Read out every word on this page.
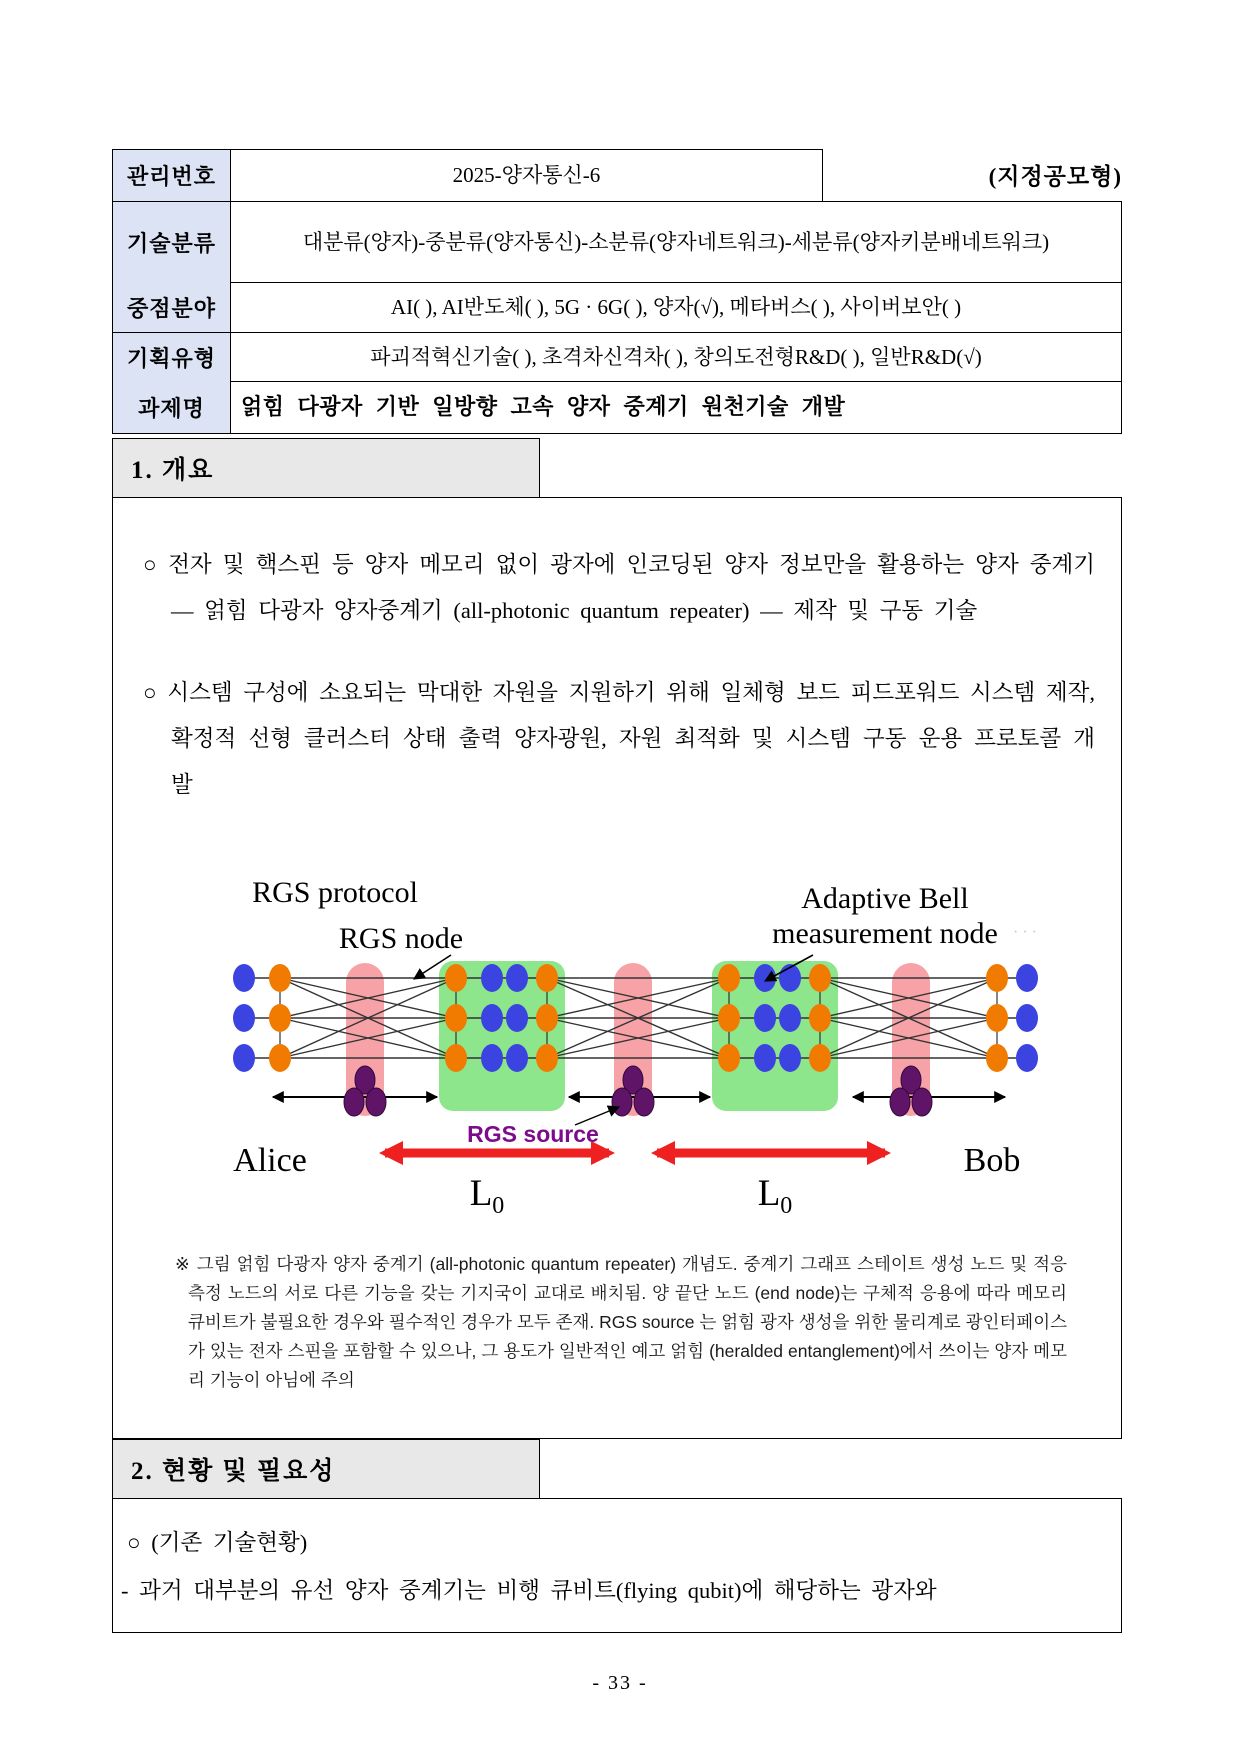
(지정공모형)
관리번호	2025-양자통신-6
기술분류	대분류(양자)-중분류(양자통신)-소분류(양자네트워크)-세분류(양자키분배네트워크)
중점분야	AI( ), AI반도체( ), 5G · 6G( ), 양자(√), 메타버스( ), 사이버보안( )
기획유형	파괴적혁신기술( ), 초격차신격차( ), 창의도전형R&D( ), 일반R&D(√)
과제명	얽힘 다광자 기반 일방향 고속 양자 중계기 원천기술 개발
1. 개요

○ 전자 및 핵스핀 등 양자 메모리 없이 광자에 인코딩된 양자 정보만을 활용하는 양자 중계기 — 얽힘 다광자 양자중계기 (all-photonic quantum repeater) — 제작 및 구동 기술

○ 시스템 구성에 소요되는 막대한 자원을 지원하기 위해 일체형 보드 피드포워드 시스템 제작, 확정적 선형 클러스터 상태 출력 양자광원, 자원 최적화 및 시스템 구동 운용 프로토콜 개발

RGS protocol
RGS node
Adaptive Bell
measurement node · · ·
RGS source
$L_0$	$L_0$
Alice	Bob
※ 그림 얽힘 다광자 양자 중계기 (all-photonic quantum repeater) 개념도. 중계기 그래프 스테이트 생성 노드 및 적응 측정 노드의 서로 다른 기능을 갖는 기지국이 교대로 배치됨. 양 끝단 노드 (end node)는 구체적 응용에 따라 메모리 큐비트가 불필요한 경우와 필수적인 경우가 모두 존재. RGS source 는 얽힘 광자 생성을 위한 물리계로 광인터페이스가 있는 전자 스핀을 포함할 수 있으나, 그 용도가 일반적인 예고 얽힘 (heralded entanglement)에서 쓰이는 양자 메모리 기능이 아님에 주의
2. 현황 및 필요성

○ (기존 기술현황)

- 과거 대부분의 유선 양자 중계기는 비행 큐비트(flying qubit)에 해당하는 광자와

- 33 -
